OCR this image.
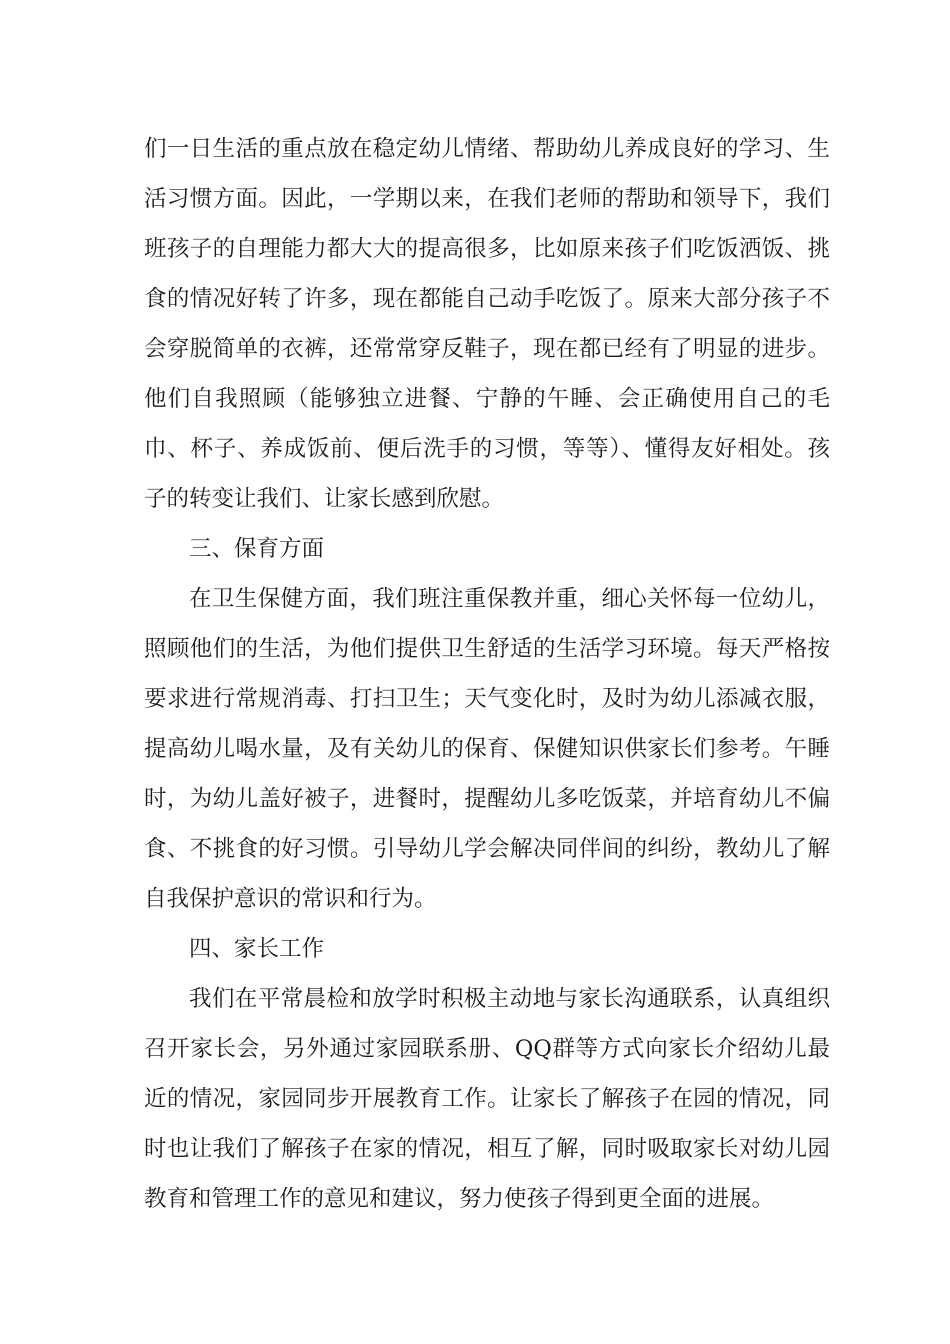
们一日生活的重点放在稳定幼儿情绪、帮助幼儿养成良好的学习、生活习惯方面。因此，一学期以来，在我们老师的帮助和领导下，我们班孩子的自理能力都大大的提高很多，比如原来孩子们吃饭洒饭、挑食的情况好转了许多，现在都能自己动手吃饭了。原来大部分孩子不会穿脱简单的衣裤，还常常穿反鞋子，现在都已经有了明显的进步。他们自我照顾（能够独立进餐、宁静的午睡、会正确使用自己的毛巾、杯子、养成饭前、便后洗手的习惯，等等）、懂得友好相处。孩子的转变让我们、让家长感到欣慰。

三、保育方面

在卫生保健方面，我们班注重保教并重，细心关怀每一位幼儿，照顾他们的生活，为他们提供卫生舒适的生活学习环境。每天严格按要求进行常规消毒、打扫卫生；天气变化时，及时为幼儿添减衣服，提高幼儿喝水量，及有关幼儿的保育、保健知识供家长们参考。午睡时，为幼儿盖好被子，进餐时，提醒幼儿多吃饭菜，并培育幼儿不偏食、不挑食的好习惯。引导幼儿学会解决同伴间的纠纷，教幼儿了解自我保护意识的常识和行为。

四、家长工作

我们在平常晨检和放学时积极主动地与家长沟通联系，认真组织召开家长会，另外通过家园联系册、QQ群等方式向家长介绍幼儿最近的情况，家园同步开展教育工作。让家长了解孩子在园的情况，同时也让我们了解孩子在家的情况，相互了解，同时吸取家长对幼儿园教育和管理工作的意见和建议，努力使孩子得到更全面的进展。
